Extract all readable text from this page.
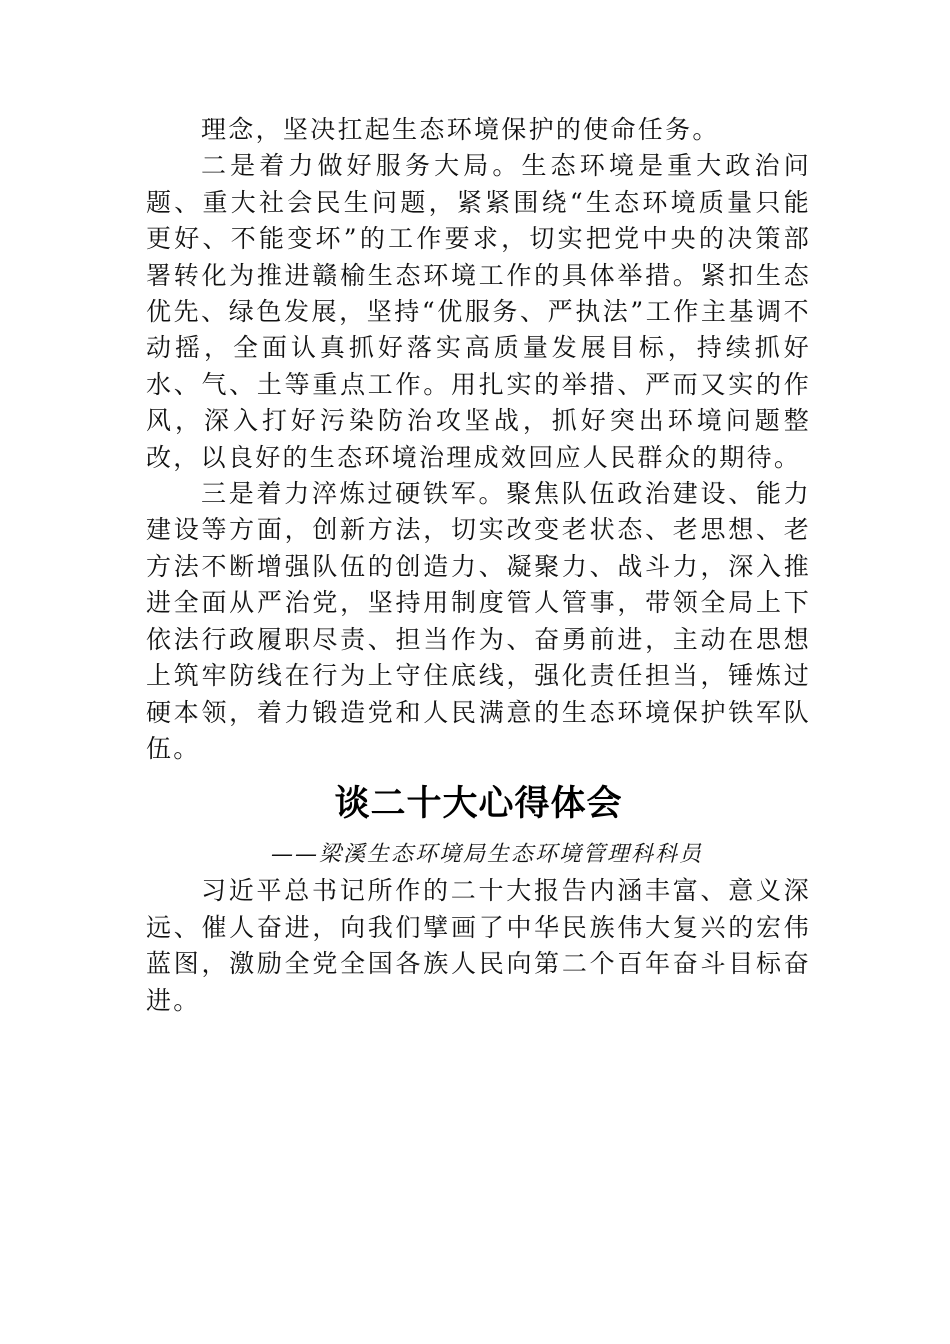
理念，坚决扛起生态环境保护的使命任务。

二是着力做好服务大局。生态环境是重大政治问题、重大社会民生问题，紧紧围绕“生态环境质量只能更好、不能变坏”的工作要求，切实把党中央的决策部署转化为推进赣榆生态环境工作的具体举措。紧扣生态优先、绿色发展，坚持“优服务、严执法”工作主基调不动摇，全面认真抓好落实高质量发展目标，持续抓好水、气、土等重点工作。用扎实的举措、严而又实的作风，深入打好污染防治攻坚战，抓好突出环境问题整改，以良好的生态环境治理成效回应人民群众的期待。

三是着力淬炼过硬铁军。聚焦队伍政治建设、能力建设等方面，创新方法，切实改变老状态、老思想、老方法不断增强队伍的创造力、凝聚力、战斗力，深入推进全面从严治党，坚持用制度管人管事，带领全局上下依法行政履职尽责、担当作为、奋勇前进，主动在思想上筑牢防线在行为上守住底线，强化责任担当，锤炼过硬本领，着力锻造党和人民满意的生态环境保护铁军队伍。

谈二十大心得体会

——梁溪生态环境局生态环境管理科科员

习近平总书记所作的二十大报告内涵丰富、意义深远、催人奋进，向我们擘画了中华民族伟大复兴的宏伟蓝图，激励全党全国各族人民向第二个百年奋斗目标奋进。
